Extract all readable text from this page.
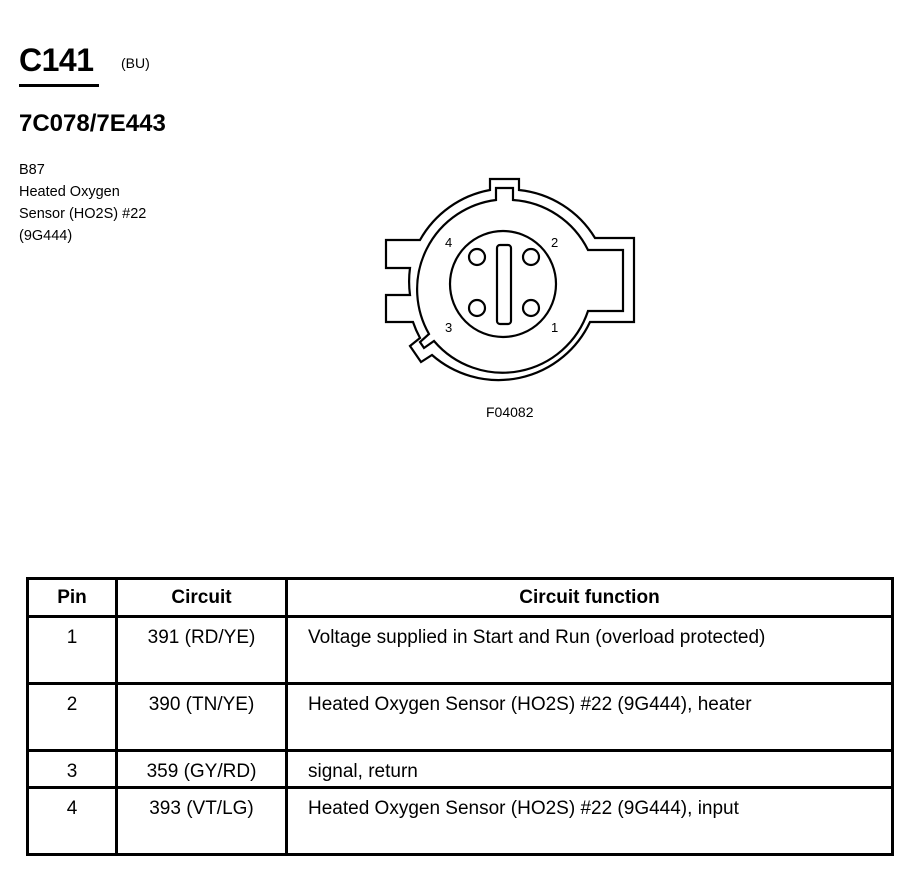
C141 (BU)
7C078/7E443
B87
Heated Oxygen
Sensor (HO2S) #22
(9G444)	4	2
3	1
F04082
Pin	Circuit	Circuit function
1	391 (RD/YE)	Voltage supplied in Start and Run (overload protected)
2	390 (TN/YE)	Heated Oxygen Sensor (HO2S) #22 (9G444), heater
3	359 (GY/RD)	signal, return
4	393 (VT/LG)	Heated Oxygen Sensor (HO2S) #22 (9G444), input
